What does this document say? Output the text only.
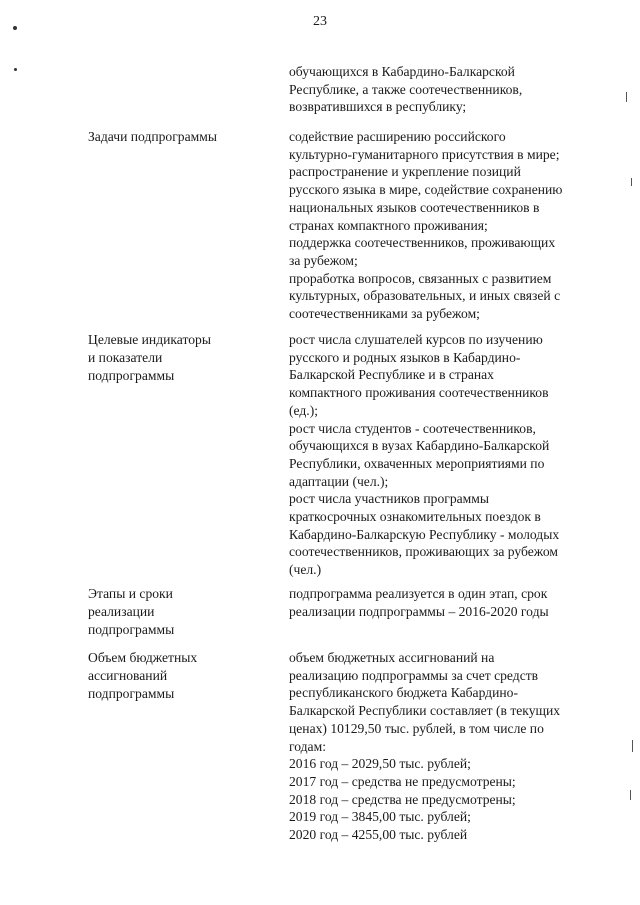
23
обучающихся в Кабардино-Балкарской
Республике, а также соотечественников,
возвратившихся в республику;
Задачи подпрограммы	содействие расширению российского
культурно-гуманитарного присутствия в мире;
распространение и укрепление позиций
русского языка в мире, содействие сохранению
национальных языков соотечественников в
странах компактного проживания;
поддержка соотечественников, проживающих
за рубежом;
проработка вопросов, связанных с развитием
культурных, образовательных, и иных связей с
соотечественниками за рубежом;
Целевые индикаторы
и показатели
подпрограммы
рост числа слушателей курсов по изучению
русского и родных языков в Кабардино-
Балкарской Республике и в странах
компактного проживания соотечественников
(ед.);
рост числа студентов - соотечественников,
обучающихся в вузах Кабардино-Балкарской
Республики, охваченных мероприятиями по
адаптации (чел.);
рост числа участников программы
краткосрочных ознакомительных поездок в
Кабардино-Балкарскую Республику - молодых
соотечественников, проживающих за рубежом
(чел.)
Этапы и сроки
реализации
подпрограммы
подпрограмма реализуется в один этап, срок
реализации подпрограммы – 2016-2020 годы
Объем бюджетных
ассигнований
подпрограммы
объем бюджетных ассигнований на
реализацию подпрограммы за счет средств
республиканского бюджета Кабардино-
Балкарской Республики составляет (в текущих
ценах) 10129,50 тыс. рублей, в том числе по
годам:
2016 год – 2029,50 тыс. рублей;
2017 год – средства не предусмотрены;
2018 год – средства не предусмотрены;
2019 год – 3845,00 тыс. рублей;
2020 год – 4255,00 тыс. рублей
